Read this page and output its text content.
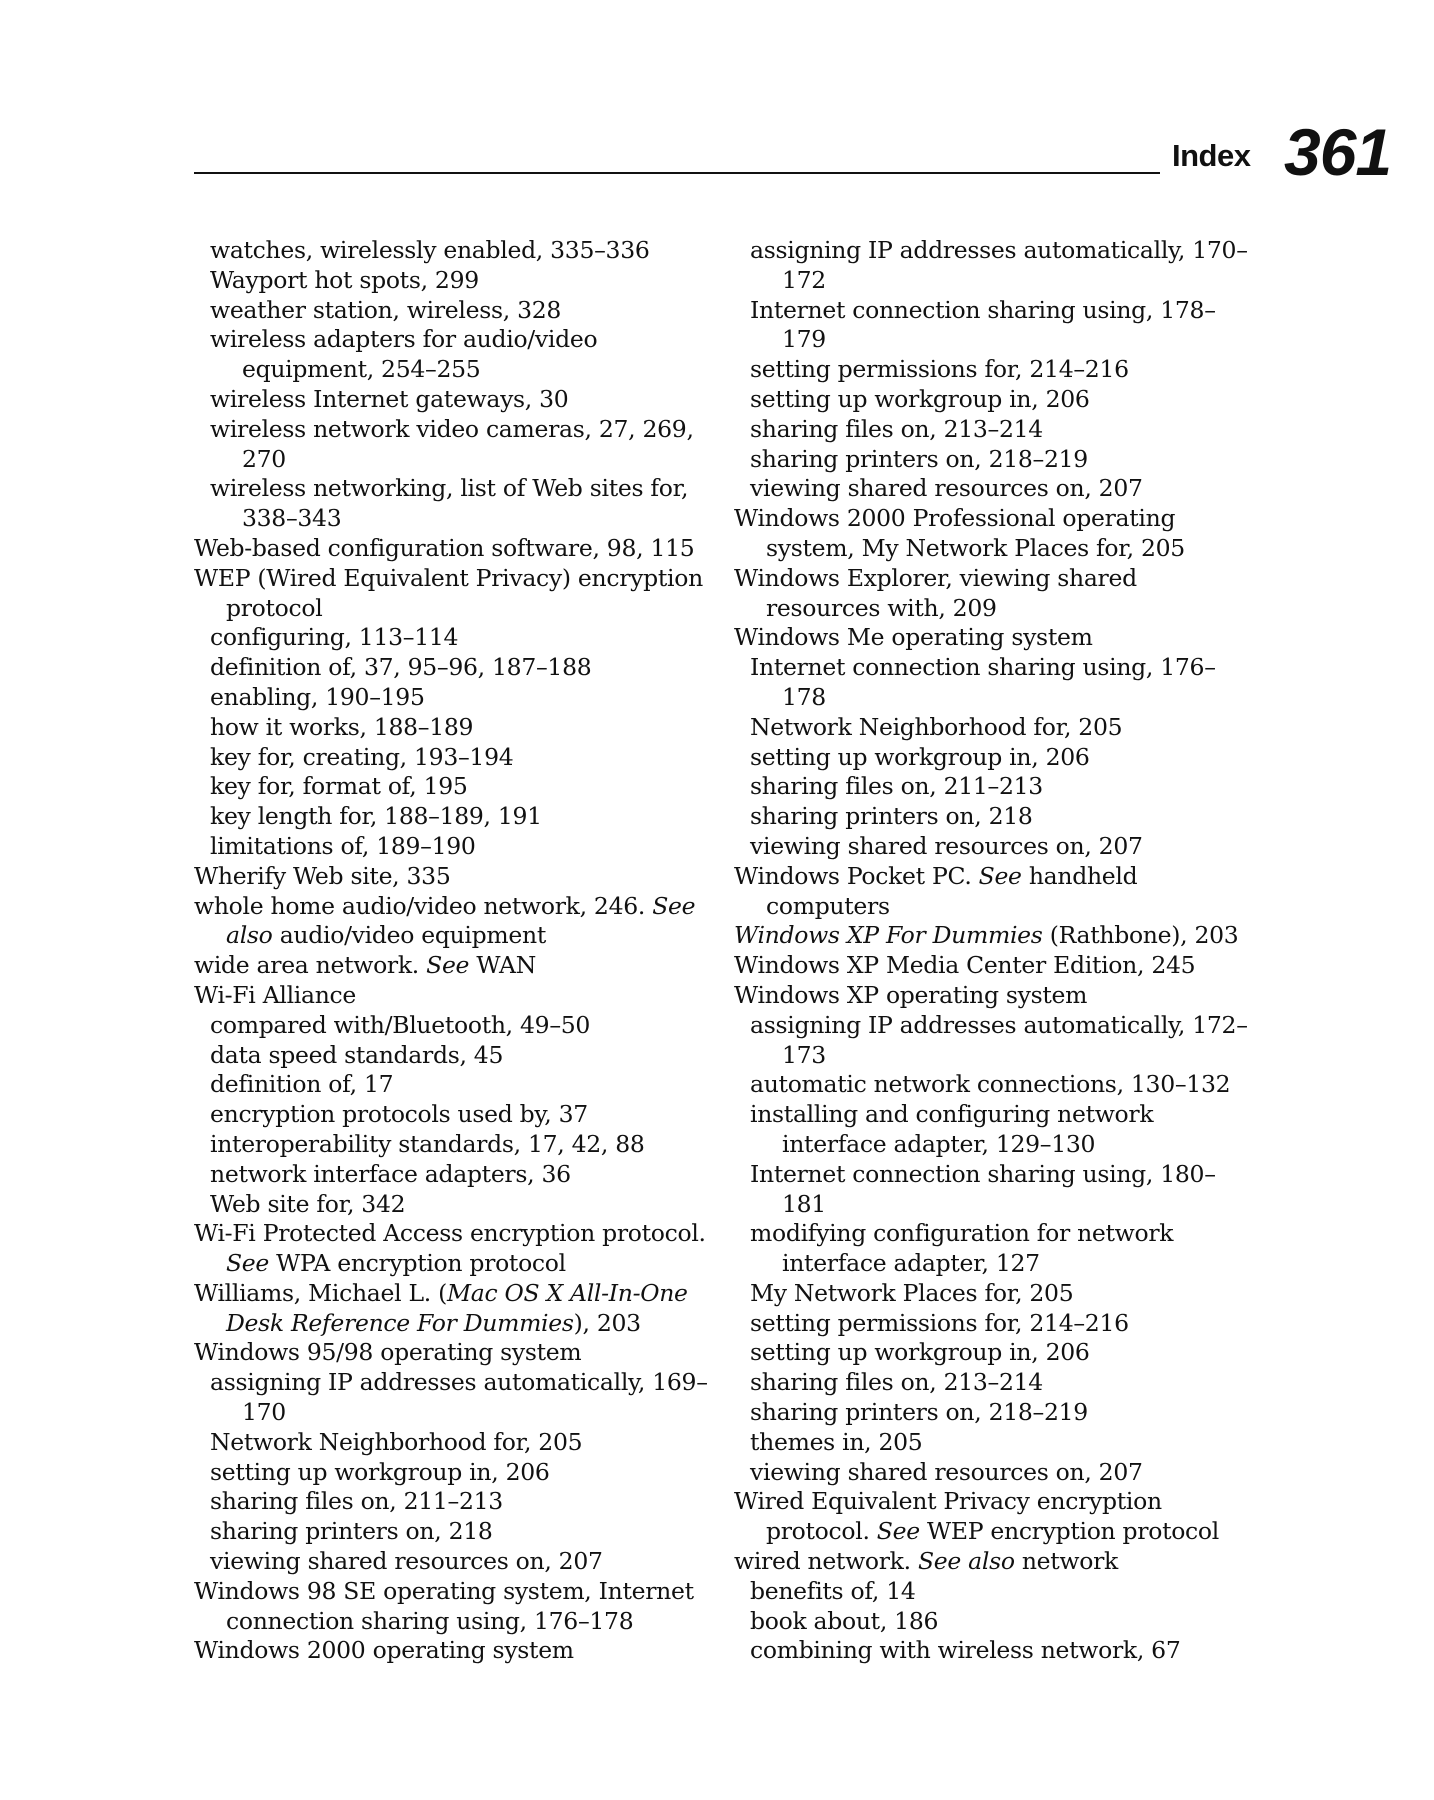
Index 361
watches, wirelessly enabled, 335–336
Wayport hot spots, 299
weather station, wireless, 328
wireless adapters for audio/video equipment, 254–255
wireless Internet gateways, 30
wireless network video cameras, 27, 269, 270
wireless networking, list of Web sites for, 338–343
Web-based configuration software, 98, 115
WEP (Wired Equivalent Privacy) encryption protocol
configuring, 113–114
definition of, 37, 95–96, 187–188
enabling, 190–195
how it works, 188–189
key for, creating, 193–194
key for, format of, 195
key length for, 188–189, 191
limitations of, 189–190
Wherify Web site, 335
whole home audio/video network, 246. See also audio/video equipment
wide area network. See WAN
Wi-Fi Alliance
compared with/Bluetooth, 49–50
data speed standards, 45
definition of, 17
encryption protocols used by, 37
interoperability standards, 17, 42, 88
network interface adapters, 36
Web site for, 342
Wi-Fi Protected Access encryption protocol. See WPA encryption protocol
Williams, Michael L. (Mac OS X All-In-One Desk Reference For Dummies), 203
Windows 95/98 operating system
assigning IP addresses automatically, 169–170
Network Neighborhood for, 205
setting up workgroup in, 206
sharing files on, 211–213
sharing printers on, 218
viewing shared resources on, 207
Windows 98 SE operating system, Internet connection sharing using, 176–178
Windows 2000 operating system
assigning IP addresses automatically, 170–172
Internet connection sharing using, 178–179
setting permissions for, 214–216
setting up workgroup in, 206
sharing files on, 213–214
sharing printers on, 218–219
viewing shared resources on, 207
Windows 2000 Professional operating system, My Network Places for, 205
Windows Explorer, viewing shared resources with, 209
Windows Me operating system
Internet connection sharing using, 176–178
Network Neighborhood for, 205
setting up workgroup in, 206
sharing files on, 211–213
sharing printers on, 218
viewing shared resources on, 207
Windows Pocket PC. See handheld computers
Windows XP For Dummies (Rathbone), 203
Windows XP Media Center Edition, 245
Windows XP operating system
assigning IP addresses automatically, 172–173
automatic network connections, 130–132
installing and configuring network interface adapter, 129–130
Internet connection sharing using, 180–181
modifying configuration for network interface adapter, 127
My Network Places for, 205
setting permissions for, 214–216
setting up workgroup in, 206
sharing files on, 213–214
sharing printers on, 218–219
themes in, 205
viewing shared resources on, 207
Wired Equivalent Privacy encryption protocol. See WEP encryption protocol
wired network. See also network
benefits of, 14
book about, 186
combining with wireless network, 67
